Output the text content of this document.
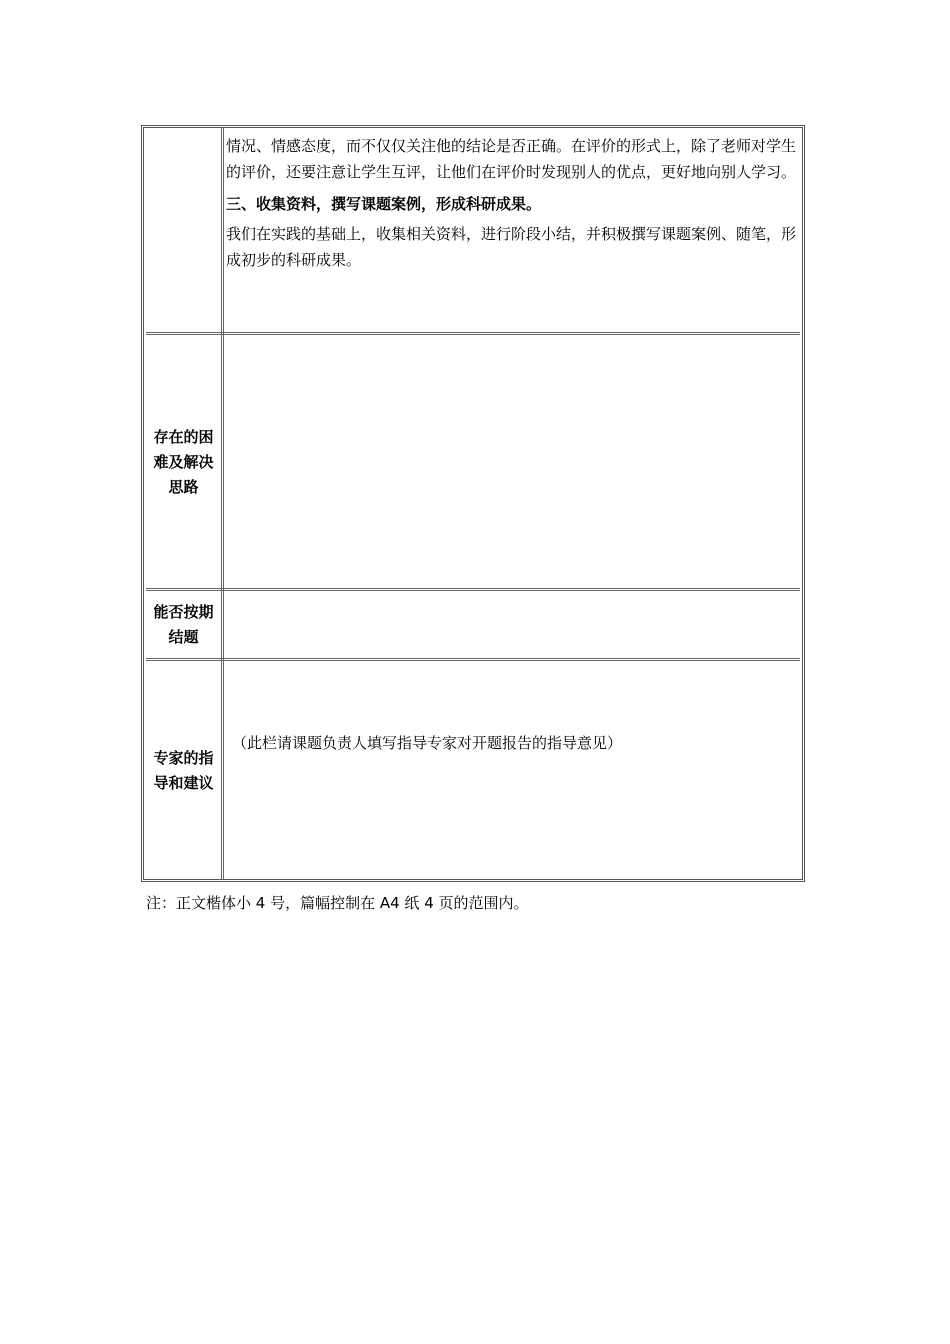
情况、情感态度，而不仅仅关注他的结论是否正确。在评价的形式上，除了老师对学生的评价，还要注意让学生互评，让他们在评价时发现别人的优点，更好地向别人学习。

三、收集资料，撰写课题案例，形成科研成果。

我们在实践的基础上，收集相关资料，进行阶段小结，并积极撰写课题案例、随笔，形成初步的科研成果。

存在的困难及解决思路

能否按期结题

专家的指导和建议

（此栏请课题负责人填写指导专家对开题报告的指导意见）

注：正文楷体小 4 号，篇幅控制在 A4 纸 4 页的范围内。
